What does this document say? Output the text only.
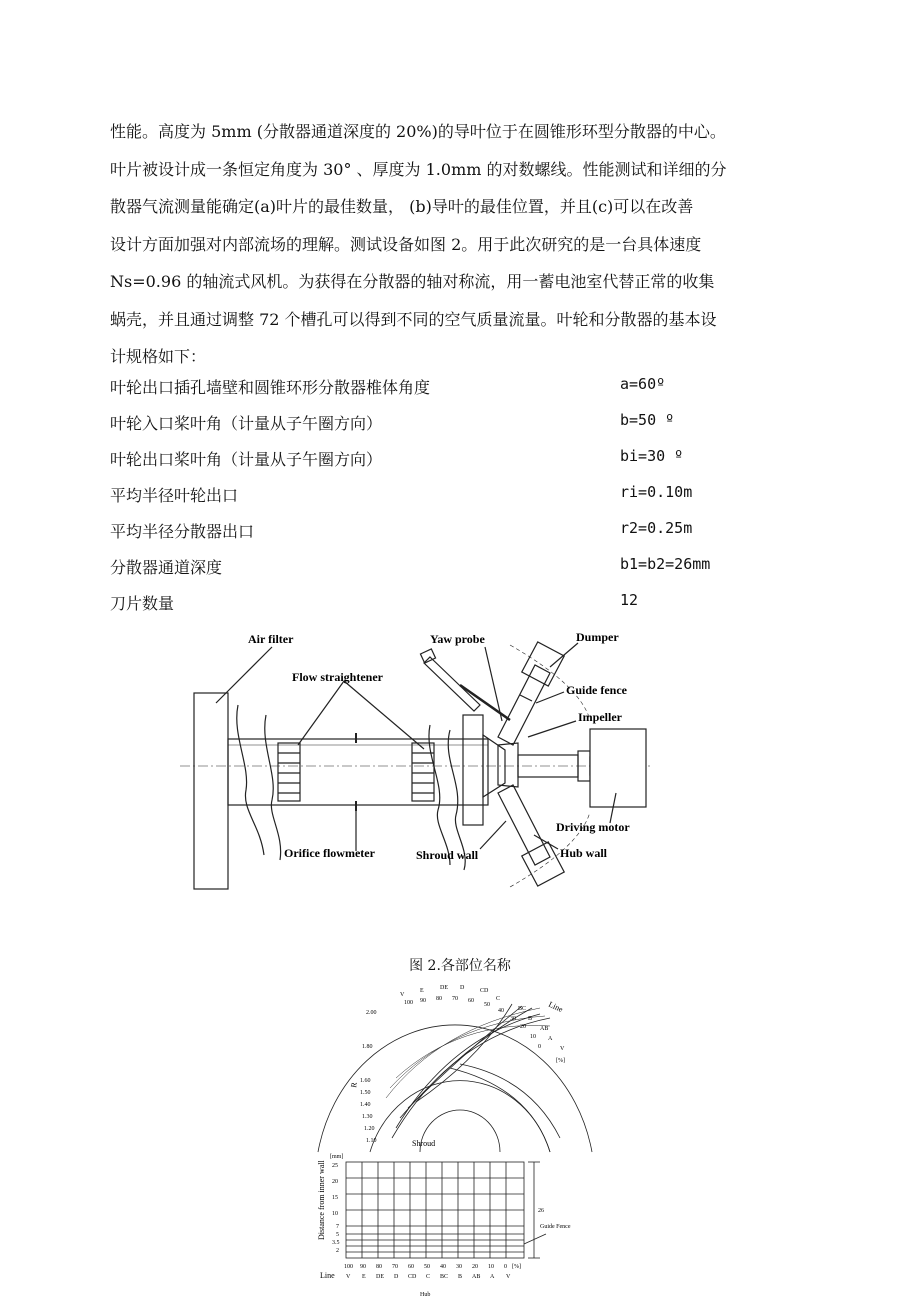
性能。高度为 5mm (分散器通道深度的 20%)的导叶位于在圆锥形环型分散器的中心。
叶片被设计成一条恒定角度为 30° 、厚度为 1.0mm 的对数螺线。性能测试和详细的分
散器气流测量能确定(a)叶片的最佳数量， (b)导叶的最佳位置，并且(c)可以在改善
设计方面加强对内部流场的理解。测试设备如图 2。用于此次研究的是一台具体速度
Ns=0.96 的轴流式风机。为获得在分散器的轴对称流，用一蓄电池室代替正常的收集
蜗壳，并且通过调整 72 个槽孔可以得到不同的空气质量流量。叶轮和分散器的基本设
计规格如下：
叶轮出口插孔墙壁和圆锥环形分散器椎体角度	a=60º
叶轮入口桨叶角（计量从子午圈方向）	b=50 º
叶轮出口桨叶角（计量从子午圈方向）	bi=30 º
平均半径叶轮出口	ri=0.10m
平均半径分散器出口	r2=0.25m
分散器通道深度	b1=b2=26mm
刀片数量	12
Air filter	Yaw probe	Dumper
Flow straightener
Guide fence
Impeller
Driving motor
Orifice flowmeter	Shroud wall	Hub wall
图 2.各部位名称
V
E	DE D	CD
C
BC
B
AB
A
V
100 90 80 70 60
50
40
30
20
10
0
[%]
2.00
1.80
1.60
1.50
1.40
1.30
1.20
1.10
[mm]
25
20
15
10
7
5
3.5
2
26
Guide Fence
[%]
100 90 80 70 60 50 40 30 20 10 0
V E DE D CD C BC B AB A V
Line
R
Shroud
Distance from inner wall
Line
Hub
